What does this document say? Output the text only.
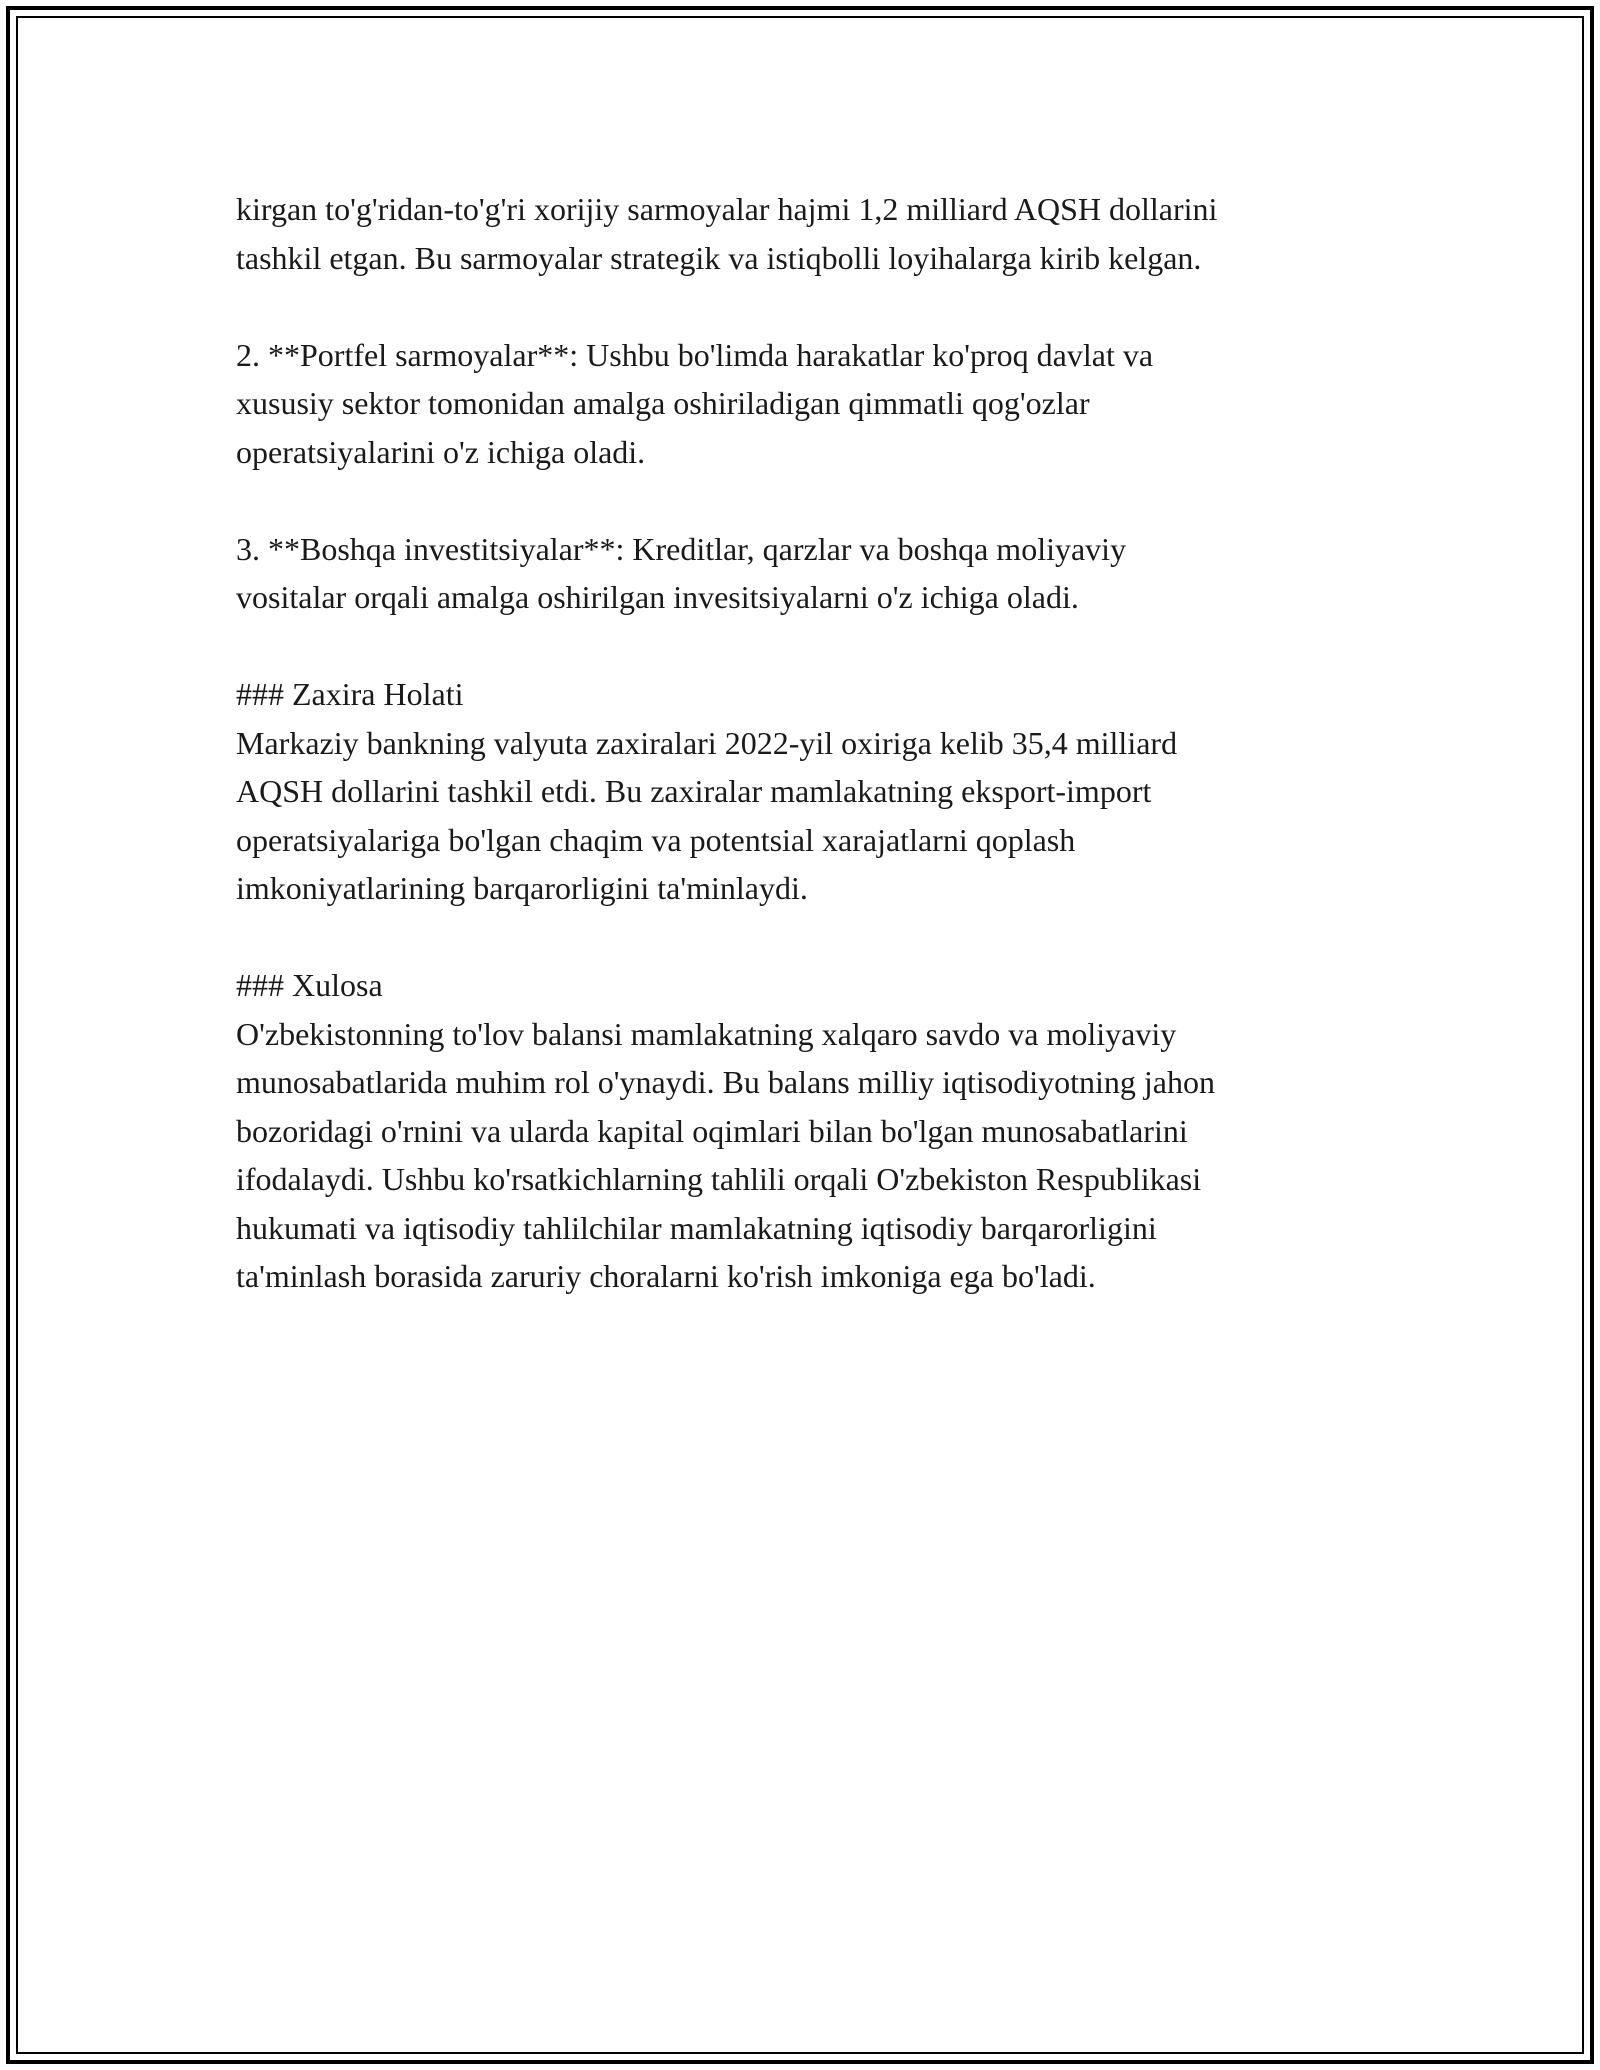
kirgan to'g'ridan-to'g'ri xorijiy sarmoyalar hajmi 1,2 milliard AQSH dollarini
tashkil etgan. Bu sarmoyalar strategik va istiqbolli loyihalarga kirib kelgan.

2. **Portfel sarmoyalar**: Ushbu bo'limda harakatlar ko'proq davlat va
xususiy sektor tomonidan amalga oshiriladigan qimmatli qog'ozlar
operatsiyalarini o'z ichiga oladi.

3. **Boshqa investitsiyalar**: Kreditlar, qarzlar va boshqa moliyaviy
vositalar orqali amalga oshirilgan invesitsiyalarni o'z ichiga oladi.

### Zaxira Holati
Markaziy bankning valyuta zaxiralari 2022-yil oxiriga kelib 35,4 milliard
AQSH dollarini tashkil etdi. Bu zaxiralar mamlakatning eksport-import
operatsiyalariga bo'lgan chaqim va potentsial xarajatlarni qoplash
imkoniyatlarining barqarorligini ta'minlaydi.

### Xulosa
O'zbekistonning to'lov balansi mamlakatning xalqaro savdo va moliyaviy
munosabatlarida muhim rol o'ynaydi. Bu balans milliy iqtisodiyotning jahon
bozoridagi o'rnini va ularda kapital oqimlari bilan bo'lgan munosabatlarini
ifodalaydi. Ushbu ko'rsatkichlarning tahlili orqali O'zbekiston Respublikasi
hukumati va iqtisodiy tahlilchilar mamlakatning iqtisodiy barqarorligini
ta'minlash borasida zaruriy choralarni ko'rish imkoniga ega bo'ladi.
